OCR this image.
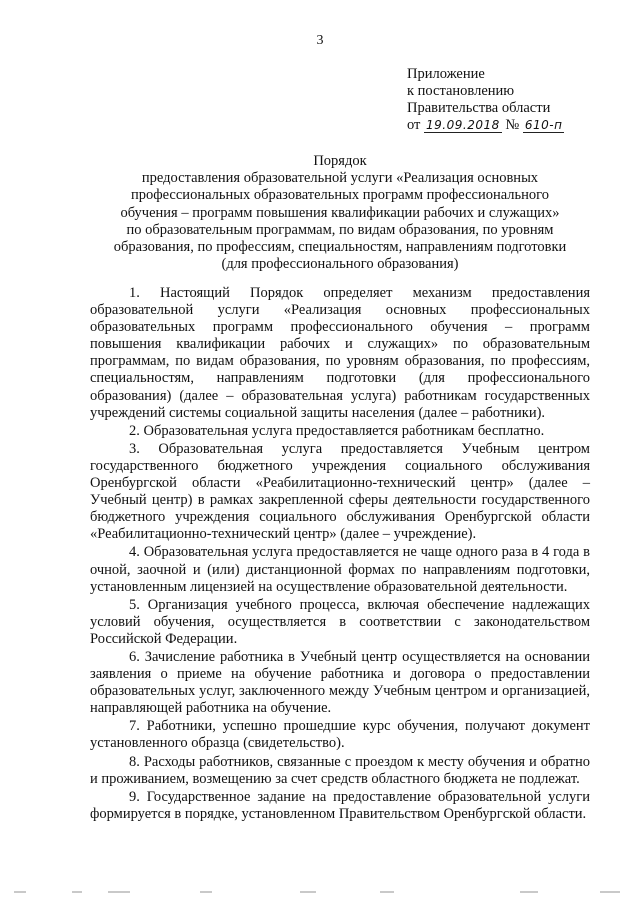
3
Приложение
к постановлению
Правительства области
от 19.09.2018 № 610-п
Порядок
предоставления образовательной услуги «Реализация основных
профессиональных образовательных программ профессионального
обучения – программ повышения квалификации рабочих и служащих»
по образовательным программам, по видам образования, по уровням
образования, по профессиям, специальностям, направлениям подготовки
(для профессионального образования)

1. Настоящий Порядок определяет механизм предоставления образовательной услуги «Реализация основных профессиональных образовательных программ профессионального обучения – программ повышения квалификации рабочих и служащих» по образовательным программам, по видам образования, по уровням образования, по профессиям, специальностям, направлениям подготовки (для профессионального образования) (далее – образовательная услуга) работникам государственных учреждений системы социальной защиты населения (далее – работники).

2. Образовательная услуга предоставляется работникам бесплатно.

3. Образовательная услуга предоставляется Учебным центром государственного бюджетного учреждения социального обслуживания Оренбургской области «Реабилитационно-технический центр» (далее – Учебный центр) в рамках закрепленной сферы деятельности государственного бюджетного учреждения социального обслуживания Оренбургской области «Реабилитационно-технический центр» (далее – учреждение).

4. Образовательная услуга предоставляется не чаще одного раза в 4 года в очной, заочной и (или) дистанционной формах по направлениям подготовки, установленным лицензией на осуществление образовательной деятельности.

5. Организация учебного процесса, включая обеспечение надлежащих условий обучения, осуществляется в соответствии с законодательством Российской Федерации.

6. Зачисление работника в Учебный центр осуществляется на основании заявления о приеме на обучение работника и договора о предоставлении образовательных услуг, заключенного между Учебным центром и организацией, направляющей работника на обучение.

7. Работники, успешно прошедшие курс обучения, получают документ установленного образца (свидетельство).

8. Расходы работников, связанные с проездом к месту обучения и обратно и проживанием, возмещению за счет средств областного бюджета не подлежат.

9. Государственное задание на предоставление образовательной услуги формируется в порядке, установленном Правительством Оренбургской области.
